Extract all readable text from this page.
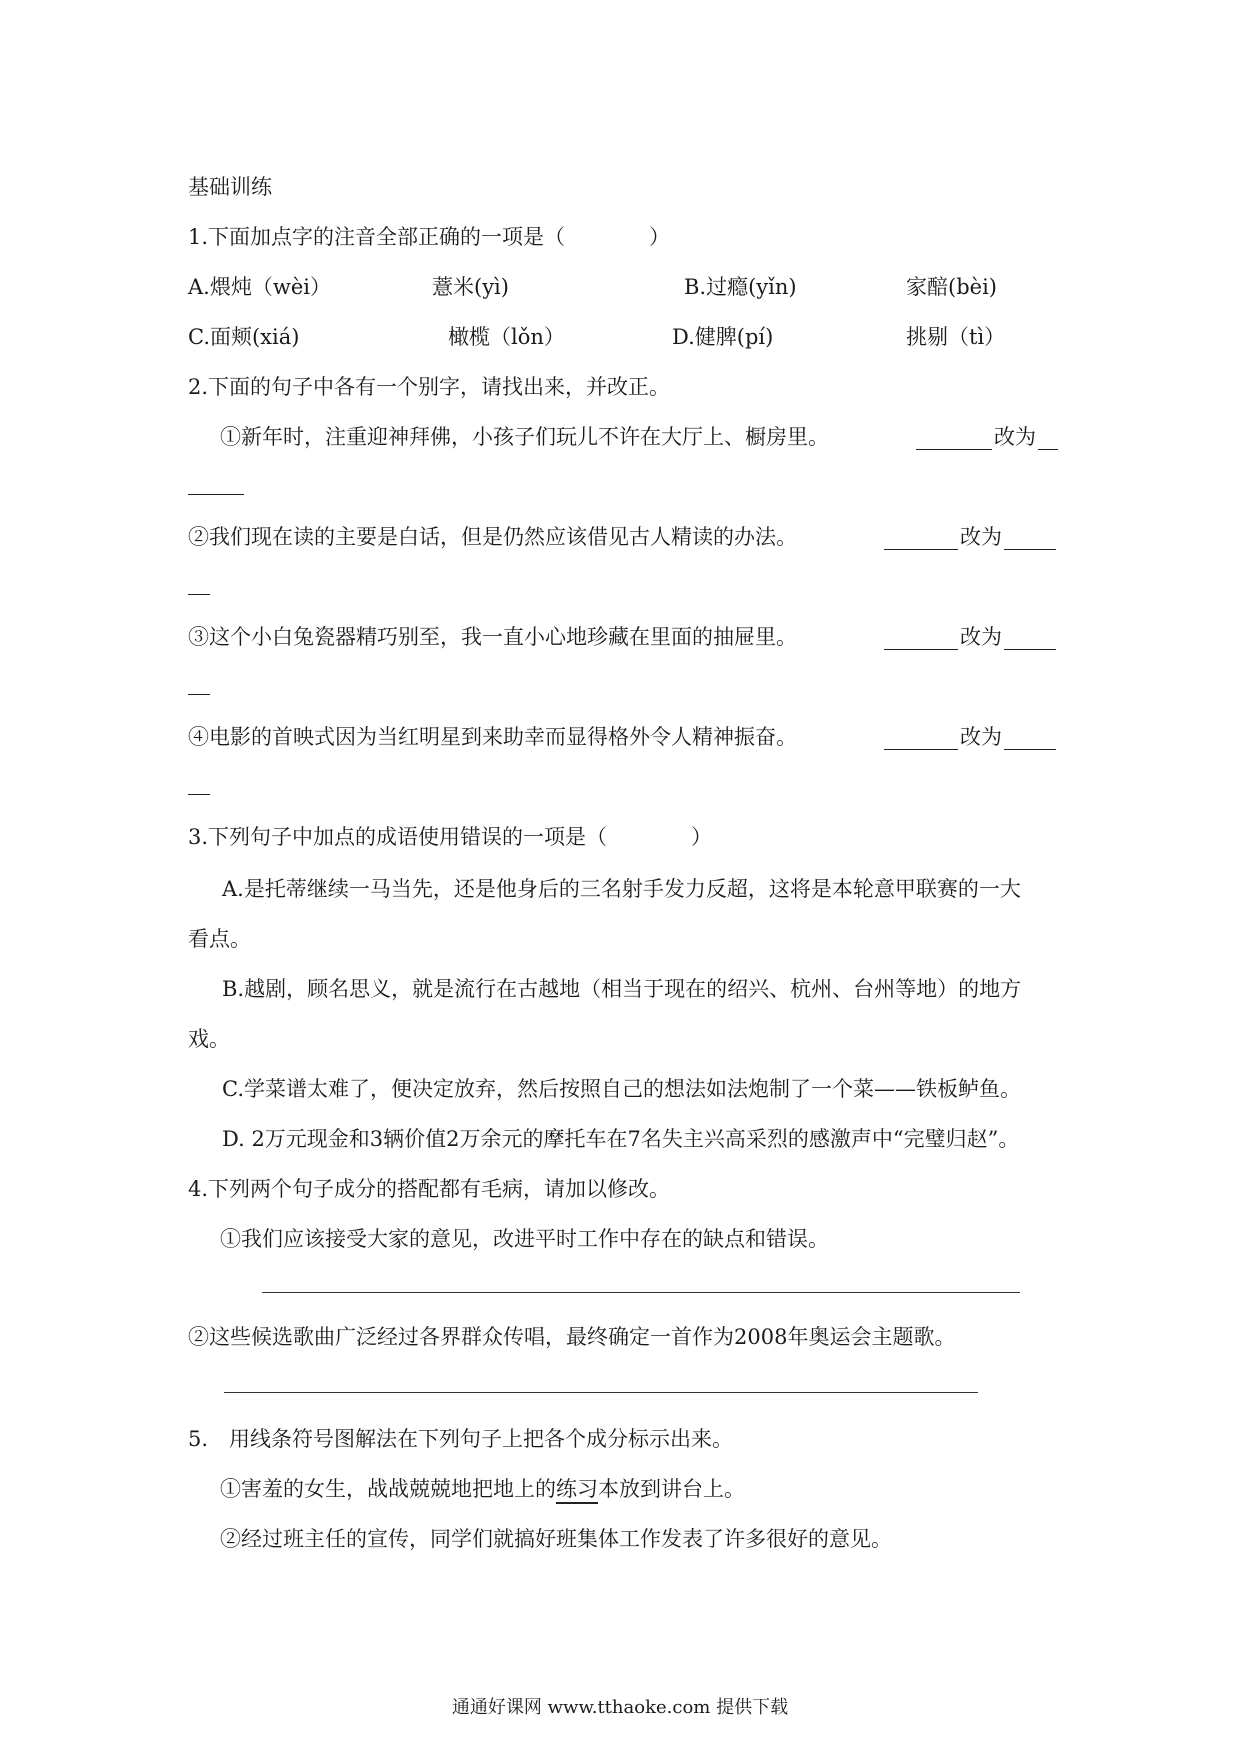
基础训练
1.下面加点字的注音全部正确的一项是（　　　　）
A.煨炖（wèi）	薏米(yì)	B.过瘾(yǐn)	家醅(bèi)
C.面颊(xiá)	橄榄（lǒn）	D.健脾(pí)	挑剔（tì）
2.下面的句子中各有一个别字，请找出来，并改正。
①新年时，注重迎神拜佛，小孩子们玩儿不许在大厅上、橱房里。	改为
②我们现在读的主要是白话，但是仍然应该借见古人精读的办法。	改为
③这个小白兔瓷器精巧别至，我一直小心地珍藏在里面的抽屉里。	改为
④电影的首映式因为当红明星到来助幸而显得格外令人精神振奋。	改为
3.下列句子中加点的成语使用错误的一项是（　　　　）
A.是托蒂继续一马当先，还是他身后的三名射手发力反超，这将是本轮意甲联赛的一大
看点。
B.越剧，顾名思义，就是流行在古越地（相当于现在的绍兴、杭州、台州等地）的地方
戏。
C.学菜谱太难了，便决定放弃，然后按照自己的想法如法炮制了一个菜——铁板鲈鱼。
D. 2万元现金和3辆价值2万余元的摩托车在7名失主兴高采烈的感激声中“完璧归赵”。
4.下列两个句子成分的搭配都有毛病，请加以修改。
①我们应该接受大家的意见，改进平时工作中存在的缺点和错误。
②这些候选歌曲广泛经过各界群众传唱，最终确定一首作为2008年奥运会主题歌。
5.　用线条符号图解法在下列句子上把各个成分标示出来。
①害羞的女生，战战兢兢地把地上的练习本放到讲台上。
②经过班主任的宣传，同学们就搞好班集体工作发表了许多很好的意见。
通通好课网 www.tthaoke.com 提供下载
